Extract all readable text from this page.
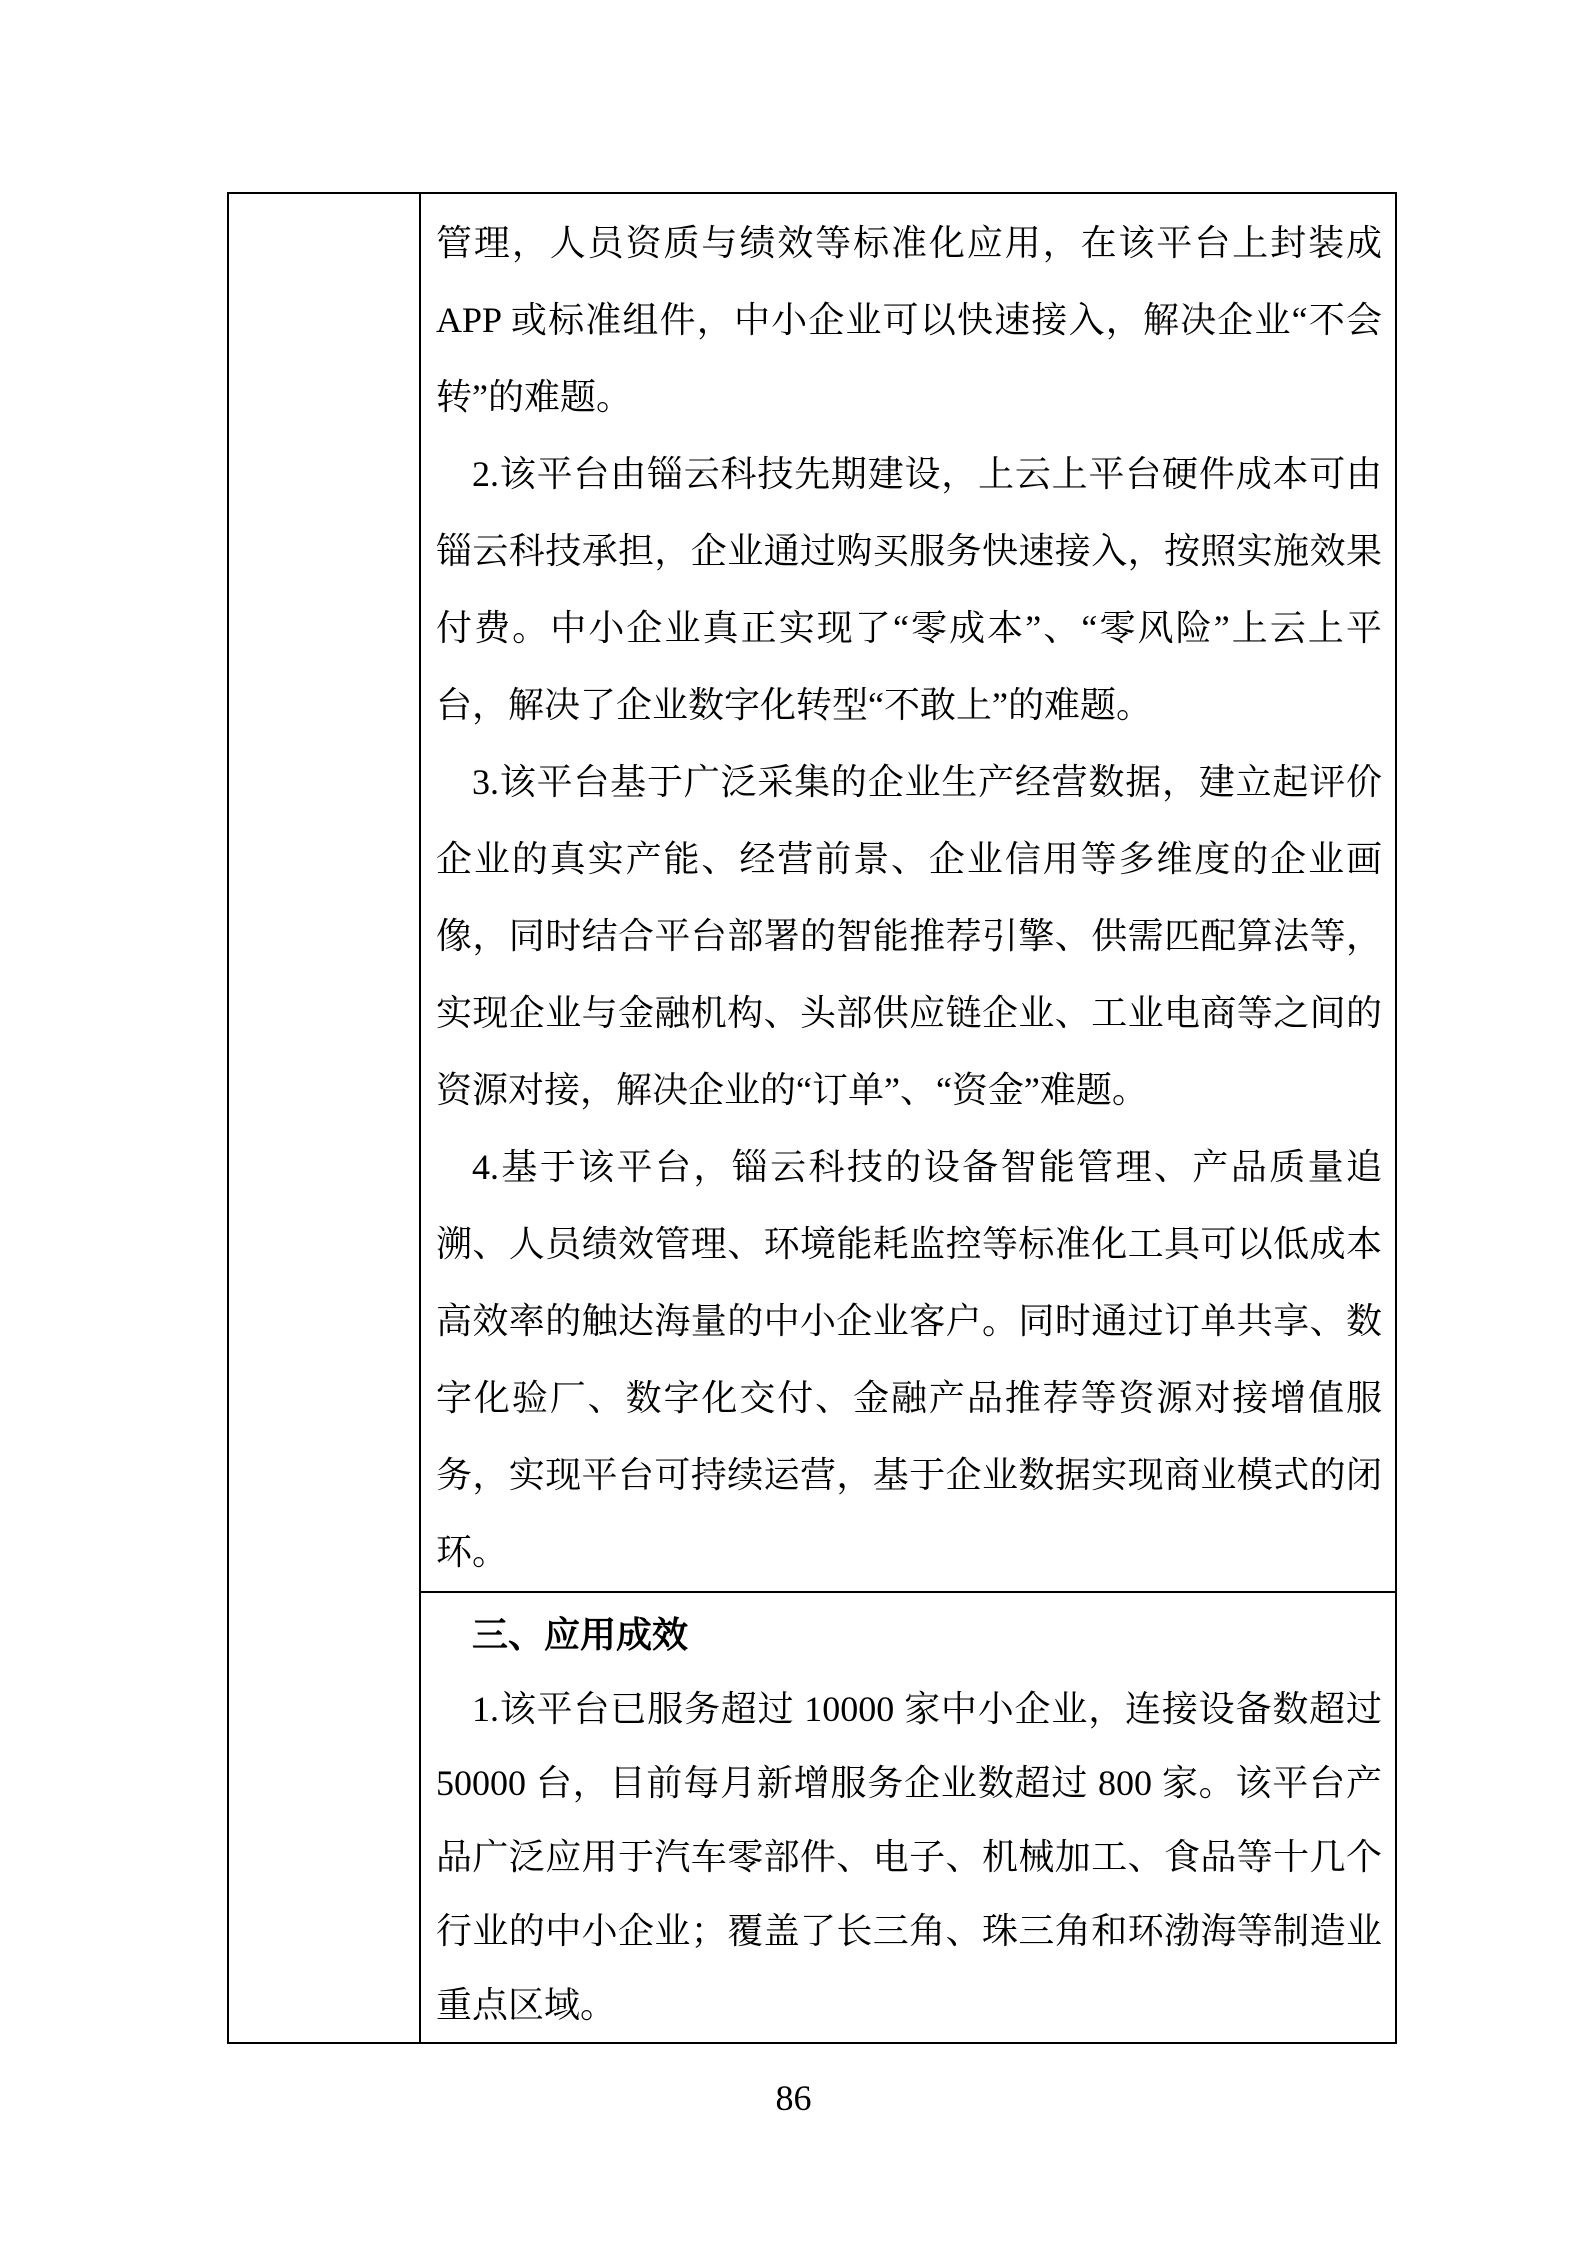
管理，人员资质与绩效等标准化应用，在该平台上封装成 APP 或标准组件，中小企业可以快速接入，解决企业“不会转”的难题。

2.该平台由锱云科技先期建设，上云上平台硬件成本可由锱云科技承担，企业通过购买服务快速接入，按照实施效果付费。中小企业真正实现了“零成本”、“零风险”上云上平台，解决了企业数字化转型“不敢上”的难题。

3.该平台基于广泛采集的企业生产经营数据，建立起评价企业的真实产能、经营前景、企业信用等多维度的企业画像，同时结合平台部署的智能推荐引擎、供需匹配算法等，实现企业与金融机构、头部供应链企业、工业电商等之间的资源对接，解决企业的“订单”、“资金”难题。

4.基于该平台，锱云科技的设备智能管理、产品质量追溯、人员绩效管理、环境能耗监控等标准化工具可以低成本高效率的触达海量的中小企业客户。同时通过订单共享、数字化验厂、数字化交付、金融产品推荐等资源对接增值服务，实现平台可持续运营，基于企业数据实现商业模式的闭环。

三、应用成效

1.该平台已服务超过 10000 家中小企业，连接设备数超过 50000 台，目前每月新增服务企业数超过 800 家。该平台产品广泛应用于汽车零部件、电子、机械加工、食品等十几个行业的中小企业；覆盖了长三角、珠三角和环渤海等制造业重点区域。

86
